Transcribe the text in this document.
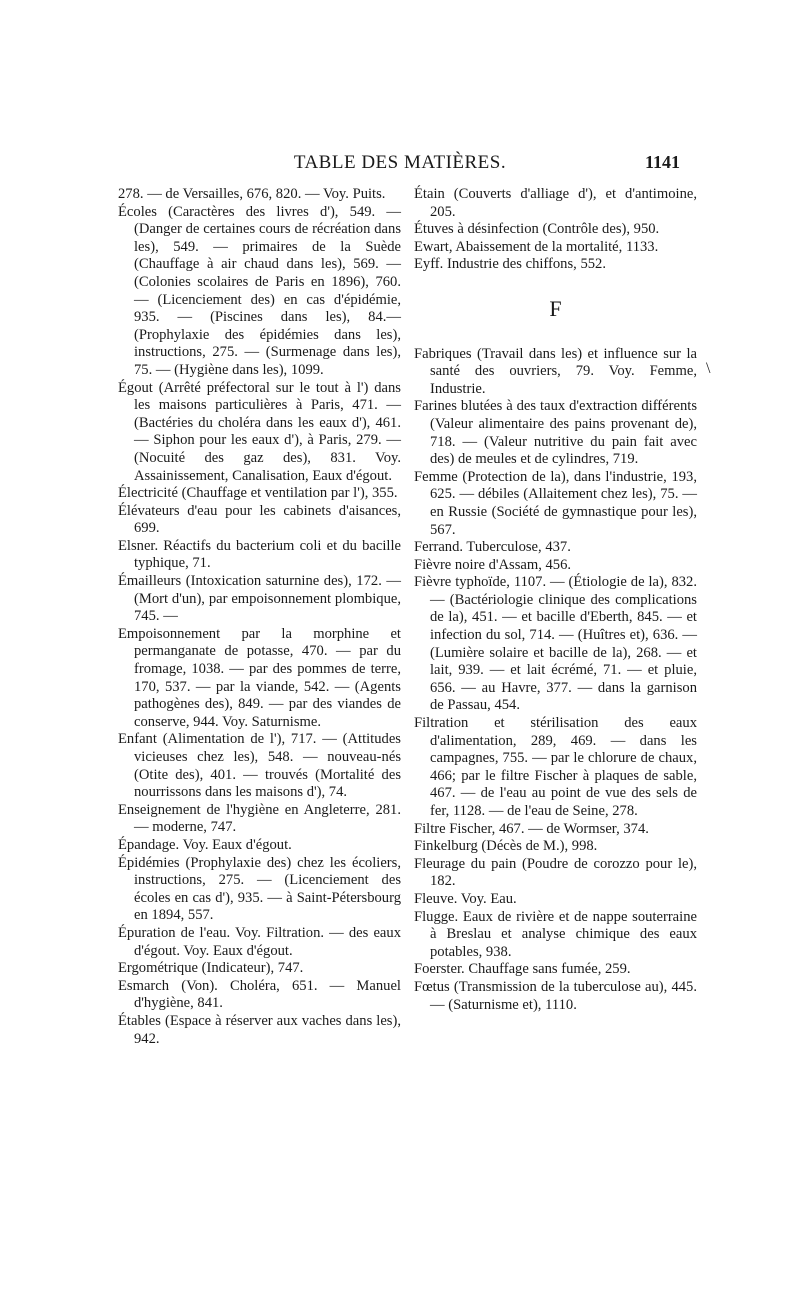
TABLE DES MATIÈRES.	1141

278. — de Versailles, 676, 820. — Voy. Puits.

Écoles (Caractères des livres d'), 549. — (Danger de certaines cours de récréation dans les), 549. — primaires de la Suède (Chauffage à air chaud dans les), 569. — (Colonies scolaires de Paris en 1896), 760. — (Licenciement des) en cas d'épidémie, 935. — (Piscines dans les), 84.— (Prophylaxie des épidémies dans les), instructions, 275. — (Surmenage dans les), 75. — (Hygiène dans les), 1099.

Égout (Arrêté préfectoral sur le tout à l') dans les maisons particulières à Paris, 471. — (Bactéries du choléra dans les eaux d'), 461. — Siphon pour les eaux d'), à Paris, 279. — (Nocuité des gaz des), 831. Voy. Assainissement, Canalisation, Eaux d'égout.

Électricité (Chauffage et ventilation par l'), 355.

Élévateurs d'eau pour les cabinets d'aisances, 699.

Elsner. Réactifs du bacterium coli et du bacille typhique, 71.

Émailleurs (Intoxication saturnine des), 172. — (Mort d'un), par empoisonnement plombique, 745. —

Empoisonnement par la morphine et permanganate de potasse, 470. — par du fromage, 1038. — par des pommes de terre, 170, 537. — par la viande, 542. — (Agents pathogènes des), 849. — par des viandes de conserve, 944. Voy. Saturnisme.

Enfant (Alimentation de l'), 717. — (Attitudes vicieuses chez les), 548. — nouveau-nés (Otite des), 401. — trouvés (Mortalité des nourrissons dans les maisons d'), 74.

Enseignement de l'hygiène en Angleterre, 281. — moderne, 747.

Épandage. Voy. Eaux d'égout.

Épidémies (Prophylaxie des) chez les écoliers, instructions, 275. — (Licenciement des écoles en cas d'), 935. — à Saint-Pétersbourg en 1894, 557.

Épuration de l'eau. Voy. Filtration. — des eaux d'égout. Voy. Eaux d'égout.

Ergométrique (Indicateur), 747.

Esmarch (Von). Choléra, 651. — Manuel d'hygiène, 841.

Étables (Espace à réserver aux vaches dans les), 942.

Étain (Couverts d'alliage d'), et d'antimoine, 205.

Étuves à désinfection (Contrôle des), 950.

Ewart, Abaissement de la mortalité, 1133.

Eyff. Industrie des chiffons, 552.

F

Fabriques (Travail dans les) et influence sur la santé des ouvriers, 79. Voy. Femme, Industrie.

Farines blutées à des taux d'extraction différents (Valeur alimentaire des pains provenant de), 718. — (Valeur nutritive du pain fait avec des) de meules et de cylindres, 719.

Femme (Protection de la), dans l'industrie, 193, 625. — débiles (Allaitement chez les), 75. — en Russie (Société de gymnastique pour les), 567.

Ferrand. Tuberculose, 437.

Fièvre noire d'Assam, 456.

Fièvre typhoïde, 1107. — (Étiologie de la), 832. — (Bactériologie clinique des complications de la), 451. — et bacille d'Eberth, 845. — et infection du sol, 714. — (Huîtres et), 636. — (Lumière solaire et bacille de la), 268. — et lait, 939. — et lait écrémé, 71. — et pluie, 656. — au Havre, 377. — dans la garnison de Passau, 454.

Filtration et stérilisation des eaux d'alimentation, 289, 469. — dans les campagnes, 755. — par le chlorure de chaux, 466; par le filtre Fischer à plaques de sable, 467. — de l'eau au point de vue des sels de fer, 1128. — de l'eau de Seine, 278.

Filtre Fischer, 467. — de Wormser, 374.

Finkelburg (Décès de M.), 998.

Fleurage du pain (Poudre de corozzo pour le), 182.

Fleuve. Voy. Eau.

Flugge. Eaux de rivière et de nappe souterraine à Breslau et analyse chimique des eaux potables, 938.

Foerster. Chauffage sans fumée, 259.

Fœtus (Transmission de la tuberculose au), 445. — (Saturnisme et), 1110.

\
